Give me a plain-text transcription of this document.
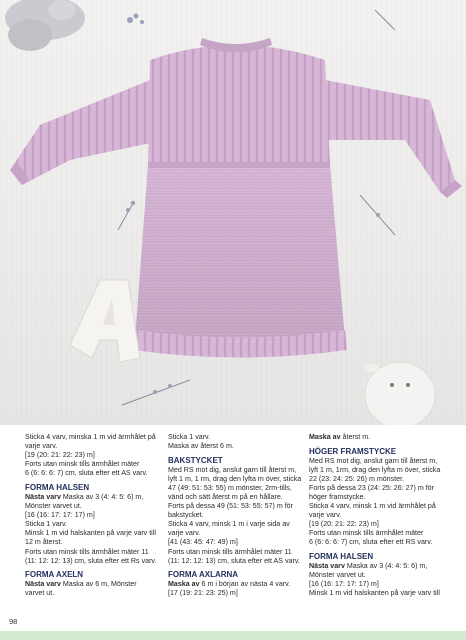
Sticka 4 varv, minska 1 m vid ärmhålet på
varje varv.
[19 (20: 21: 22: 23) m]
Forts utan minsk tills ärmhålet mäter
6 (6: 6: 6: 7) cm, sluta efter ett AS varv.
FORMA HALSEN
Nästa varv Maska av 3 (4: 4: 5: 6) m,
Mönster varvet ut.
[16 (16: 17: 17: 17) m]
Sticka 1 varv.
Minsk 1 m vid halskanten på varje varv till
12 m återst.
Forts utan minsk tills ärmhålet mäter 11
(11: 12: 12: 13) cm, sluta efter ett Rs varv.
FORMA AXELN
Nästa varv Maska av 6 m, Mönster
varvet ut.
Sticka 1 varv.
Maska av återst 6 m.
BAKSTYCKET
Med RS mot dig, anslut garn till återst m,
lyft 1 m, 1 rm, drag den lyfta m över, sticka
47 (49: 51: 53: 55) m mönster, 2rm-tills,
vänd och sätt återst m på en hållare.
Forts på dessa 49 (51: 53: 55: 57) m för
bakstycket.
Sticka 4 varv, minsk 1 m i varje sida av
varje varv.
[41 (43: 45: 47: 49) m]
Forts utan minsk tills ärmhålet mäter 11
(11: 12: 12: 13) cm, sluta efter ett AS varv.
FORMA AXLARNA
Maska av 6 m i början av nästa 4 varv.
[17 (19: 21: 23: 25) m]
Maska av återst m.
HÖGER FRAMSTYCKE
Med RS mot dig, anslut garn till återst m,
lyft 1 m, 1rm, drag den lyfta m över, sticka
22 (23: 24: 25: 26) m mönster.
Forts på dessa 23 (24: 25: 26: 27) m för
höger framstycke.
Sticka 4 varv, minsk 1 m vid ärmhålet på
varje varv.
[19 (20: 21: 22: 23) m]
Forts utan minsk tills ärmhålet mäter
6 (6: 6: 6: 7) cm, sluta efter ett RS varv.
FORMA HALSEN
Nästa varv Maska av 3 (4: 4: 5: 6) m,
Mönster varvet ut.
[16 (16: 17: 17: 17) m]
Minsk 1 m vid halskanten på varje varv till
98
